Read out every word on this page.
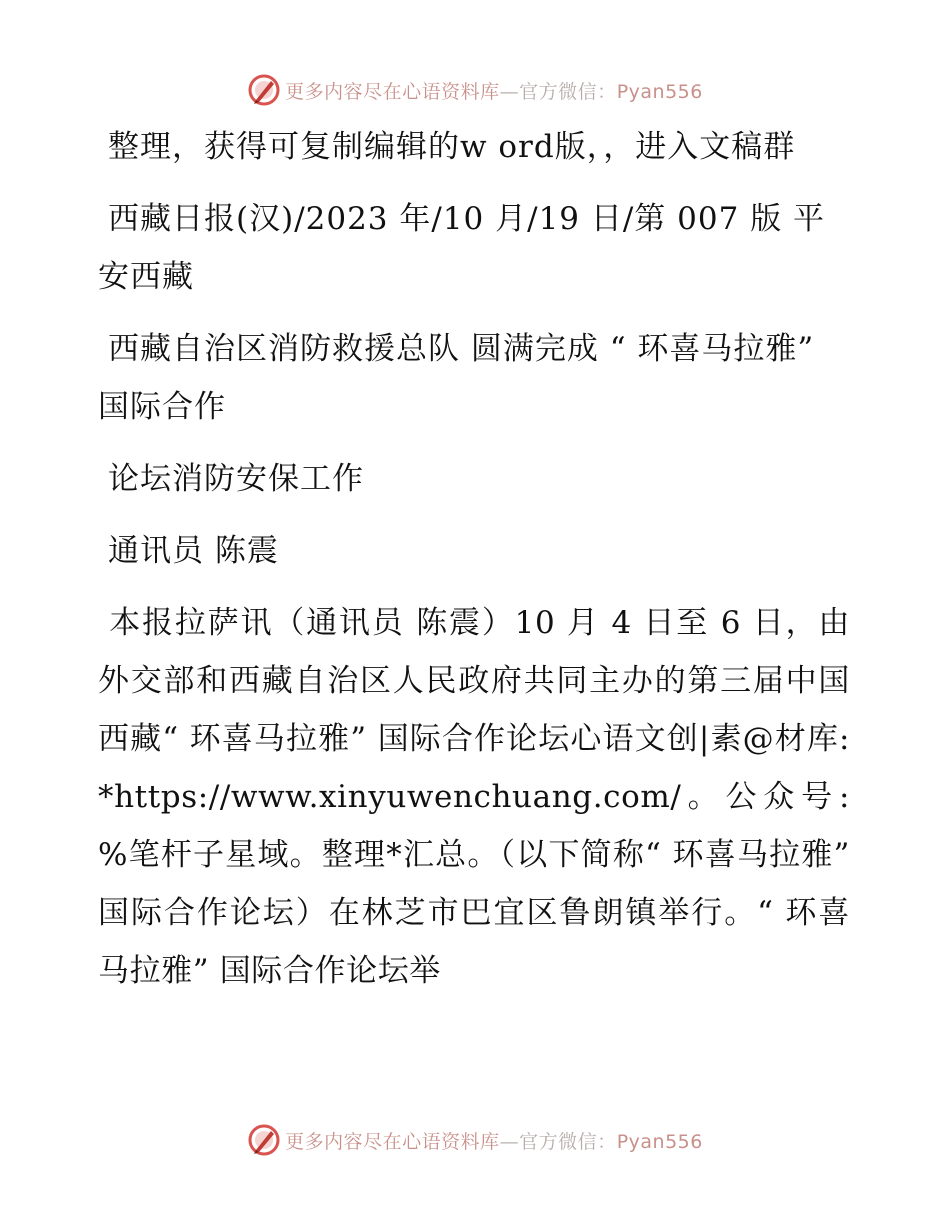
更多内容尽在心语资料库—官方微信：Pyan556

整理，获得可复制编辑的w ord版，，进入文稿群

西藏日报(汉)/2023 年/10 月/19 日/第 007 版 平安西藏

西藏自治区消防救援总队 圆满完成 “ 环喜马拉雅” 国际合作

论坛消防安保工作

通讯员 陈震

本报拉萨讯（通讯员 陈震）10 月 4 日至 6 日，由外交部和西藏自治区人民政府共同主办的第三届中国西藏“ 环喜马拉雅” 国际合作论坛心语文创|素@材库: *https://www.xinyuwenchuang.com/。公众号: %笔杆子星域。整理*汇总。（以下简称“ 环喜马拉雅” 国际合作论坛）在林芝市巴宜区鲁朗镇举行。“ 环喜马拉雅” 国际合作论坛举

更多内容尽在心语资料库—官方微信：Pyan556
